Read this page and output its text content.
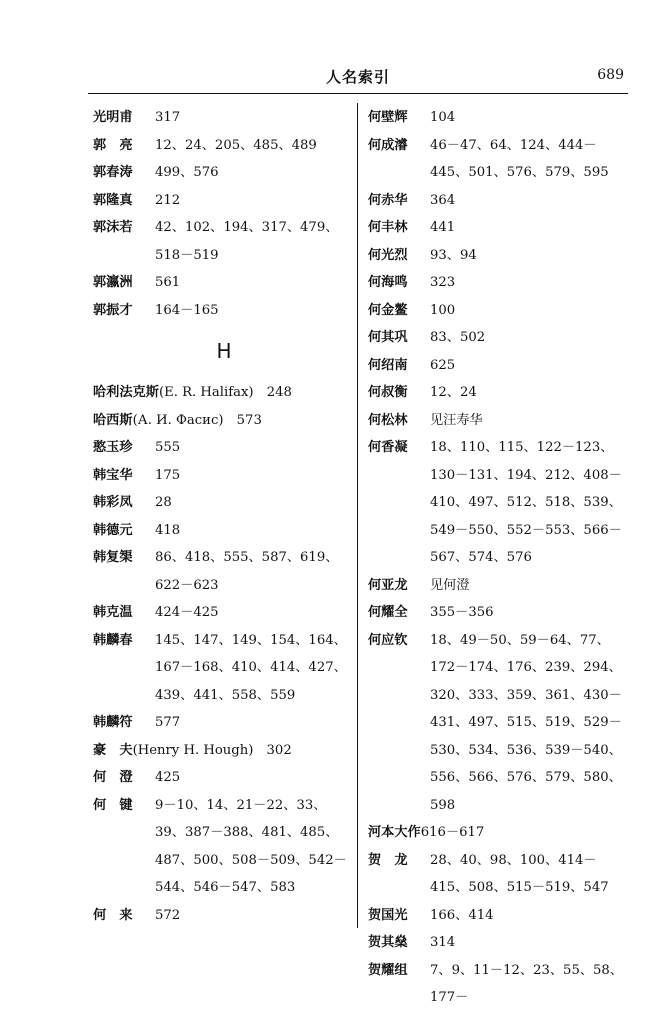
人名索引	689
光明甫	317
郭　亮	12、24、205、485、489
郭春涛	499、576
郭隆真	212
郭沫若	42、102、194、317、479、518－519
郭瀛洲	561
郭振才	164－165
H
哈利法克斯(E. R. Halifax)　248
哈西斯(А. И. Фасис)　573
憨玉珍	555
韩宝华	175
韩彩凤	28
韩德元	418
韩复榘	86、418、555、587、619、622－623
韩克温	424－425
韩麟春	145、147、149、154、164、167－168、410、414、427、439、441、558、559
韩麟符	577
豪　夫(Henry H. Hough)　302
何　澄	425
何　键	9－10、14、21－22、33、39、387－388、481、485、487、500、508－509、542－544、546－547、583
何　来	572
何壁辉	104
何成濬	46－47、64、124、444－445、501、576、579、595
何赤华	364
何丰林	441
何光烈	93、94
何海鸣	323
何金鳌	100
何其巩	83、502
何绍南	625
何叔衡	12、24
何松林	见汪寿华
何香凝	18、110、115、122－123、130－131、194、212、408－410、497、512、518、539、549－550、552－553、566－567、574、576
何亚龙	见何澄
何耀全	355－356
何应钦	18、49－50、59－64、77、172－174、176、239、294、320、333、359、361、430－431、497、515、519、529－530、534、536、539－540、556、566、576、579、580、598
河本大作616－617
贺　龙	28、40、98、100、414－415、508、515－519、547
贺国光	166、414
贺其燊	314
贺耀组	7、9、11－12、23、55、58、177－
